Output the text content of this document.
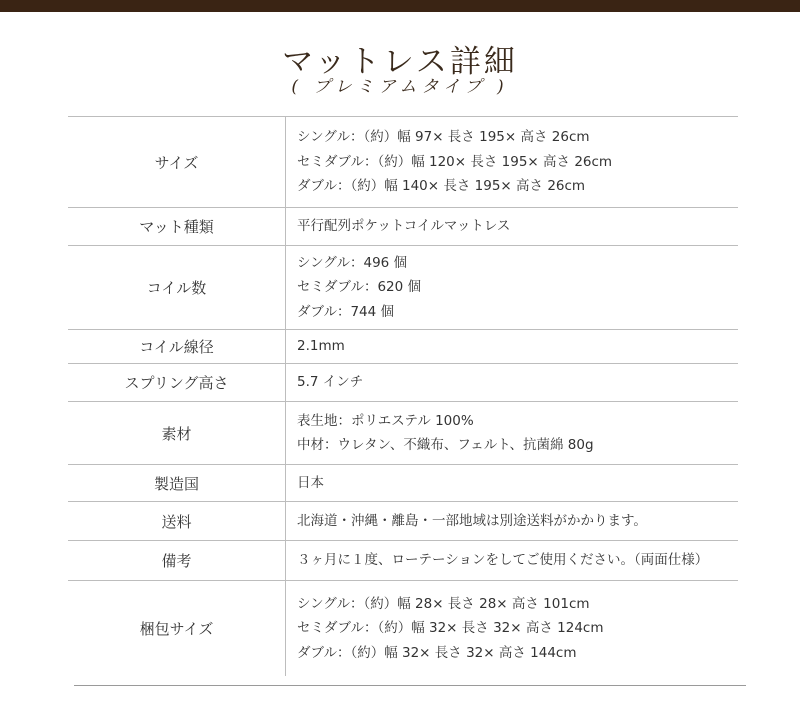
マットレス詳細
( プレミアムタイプ )
サイズ	シングル：（約）幅 97× 長さ 195× 高さ 26cm
セミダブル：（約）幅 120× 長さ 195× 高さ 26cm
ダブル：（約）幅 140× 長さ 195× 高さ 26cm

マット種類	平行配列ポケットコイルマットレス

コイル数	シングル：496 個
セミダブル：620 個
ダブル：744 個

コイル線径	2.1mm

スプリング高さ	5.7 インチ

素材	表生地：ポリエステル 100%
中材：ウレタン、不織布、フェルト、抗菌綿 80g

製造国	日本

送料	北海道・沖縄・離島・一部地域は別途送料がかかります。

備考	３ヶ月に１度、ローテーションをしてご使用ください。（両面仕様）

梱包サイズ	シングル：（約）幅 28× 長さ 28× 高さ 101cm
セミダブル：（約）幅 32× 長さ 32× 高さ 124cm
ダブル：（約）幅 32× 長さ 32× 高さ 144cm
